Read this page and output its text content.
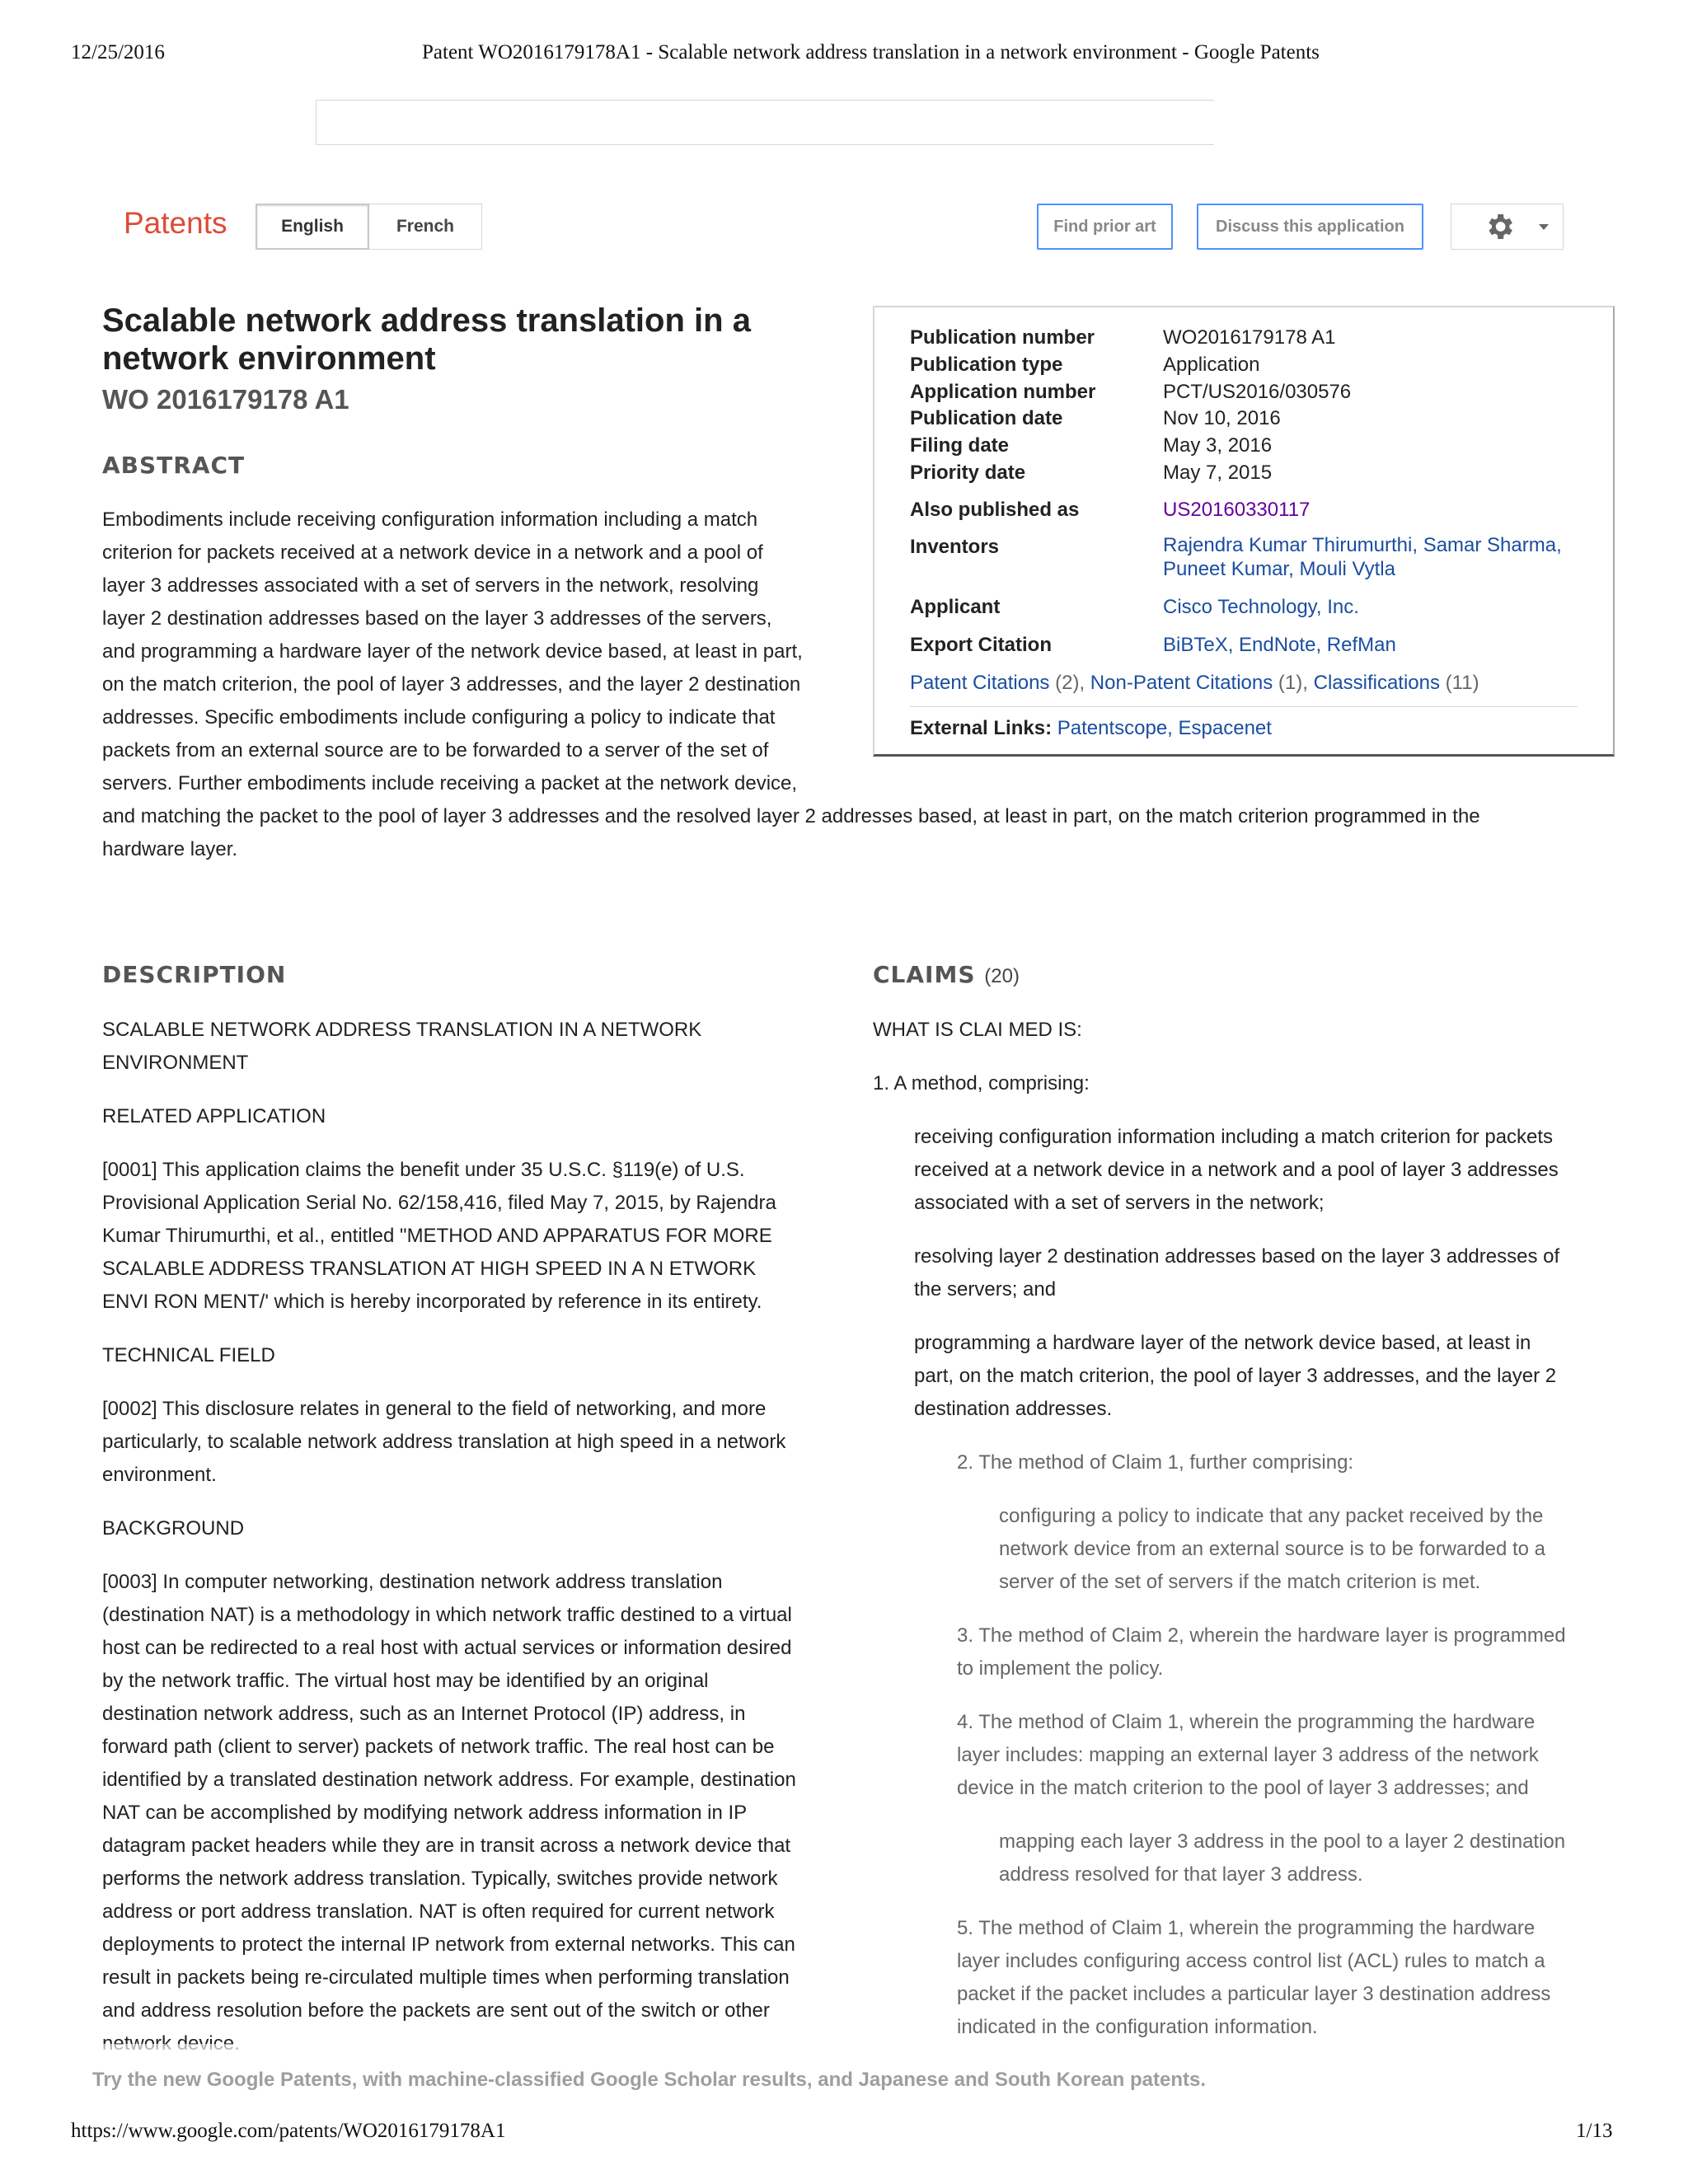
12/25/2016	Patent WO2016179178A1 - Scalable network address translation in a network environment - Google Patents
Patents	English	French	Find prior art	Discuss this application
Scalable network address translation in a network environment
WO 2016179178 A1
ABSTRACT
Embodiments include receiving configuration information including a match
criterion for packets received at a network device in a network and a pool of
layer 3 addresses associated with a set of servers in the network, resolving
layer 2 destination addresses based on the layer 3 addresses of the servers,
and programming a hardware layer of the network device based, at least in part,
on the match criterion, the pool of layer 3 addresses, and the layer 2 destination
addresses. Specific embodiments include configuring a policy to indicate that
packets from an external source are to be forwarded to a server of the set of
servers. Further embodiments include receiving a packet at the network device,
and matching the packet to the pool of layer 3 addresses and the resolved layer 2 addresses based, at least in part, on the match criterion programmed in the
hardware layer.
Publication number	WO2016179178 A1
Publication type	Application
Application number	PCT/US2016/030576
Publication date	Nov 10, 2016
Filing date	May 3, 2016
Priority date	May 7, 2015
Also published as	US20160330117
Inventors	Rajendra Kumar Thirumurthi, Samar Sharma,
Puneet Kumar, Mouli Vytla
Applicant	Cisco Technology, Inc.
Export Citation	BiBTeX, EndNote, RefMan
Patent Citations (2), Non-Patent Citations (1), Classifications (11)
External Links: Patentscope, Espacenet
DESCRIPTION
SCALABLE NETWORK ADDRESS TRANSLATION IN A NETWORK
ENVIRONMENT
RELATED APPLICATION
[0001] This application claims the benefit under 35 U.S.C. §119(e) of U.S.
Provisional Application Serial No. 62/158,416, filed May 7, 2015, by Rajendra
Kumar Thirumurthi, et al., entitled "METHOD AND APPARATUS FOR MORE
SCALABLE ADDRESS TRANSLATION AT HIGH SPEED IN A N ETWORK
ENVI RON MENT/' which is hereby incorporated by reference in its entirety.
TECHNICAL FIELD
[0002] This disclosure relates in general to the field of networking, and more
particularly, to scalable network address translation at high speed in a network
environment.
BACKGROUND
[0003] In computer networking, destination network address translation
(destination NAT) is a methodology in which network traffic destined to a virtual
host can be redirected to a real host with actual services or information desired
by the network traffic. The virtual host may be identified by an original
destination network address, such as an Internet Protocol (IP) address, in
forward path (client to server) packets of network traffic. The real host can be
identified by a translated destination network address. For example, destination
NAT can be accomplished by modifying network address information in IP
datagram packet headers while they are in transit across a network device that
performs the network address translation. Typically, switches provide network
address or port address translation. NAT is often required for current network
deployments to protect the internal IP network from external networks. This can
result in packets being re-circulated multiple times when performing translation
and address resolution before the packets are sent out of the switch or other
CLAIMS (20)
WHAT IS CLAI MED IS:
1. A method, comprising:
receiving configuration information including a match criterion for packets
received at a network device in a network and a pool of layer 3 addresses
associated with a set of servers in the network;
resolving layer 2 destination addresses based on the layer 3 addresses of
the servers; and
programming a hardware layer of the network device based, at least in
part, on the match criterion, the pool of layer 3 addresses, and the layer 2
destination addresses.
2. The method of Claim 1, further comprising:
configuring a policy to indicate that any packet received by the
network device from an external source is to be forwarded to a
server of the set of servers if the match criterion is met.
3. The method of Claim 2, wherein the hardware layer is programmed
to implement the policy.
4. The method of Claim 1, wherein the programming the hardware
layer includes: mapping an external layer 3 address of the network
device in the match criterion to the pool of layer 3 addresses; and
mapping each layer 3 address in the pool to a layer 2 destination
address resolved for that layer 3 address.
5. The method of Claim 1, wherein the programming the hardware
layer includes configuring access control list (ACL) rules to match a
packet if the packet includes a particular layer 3 destination address
indicated in the configuration information.
Try the new Google Patents, with machine-classified Google Scholar results, and Japanese and South Korean patents.
https://www.google.com/patents/WO2016179178A1	1/13
